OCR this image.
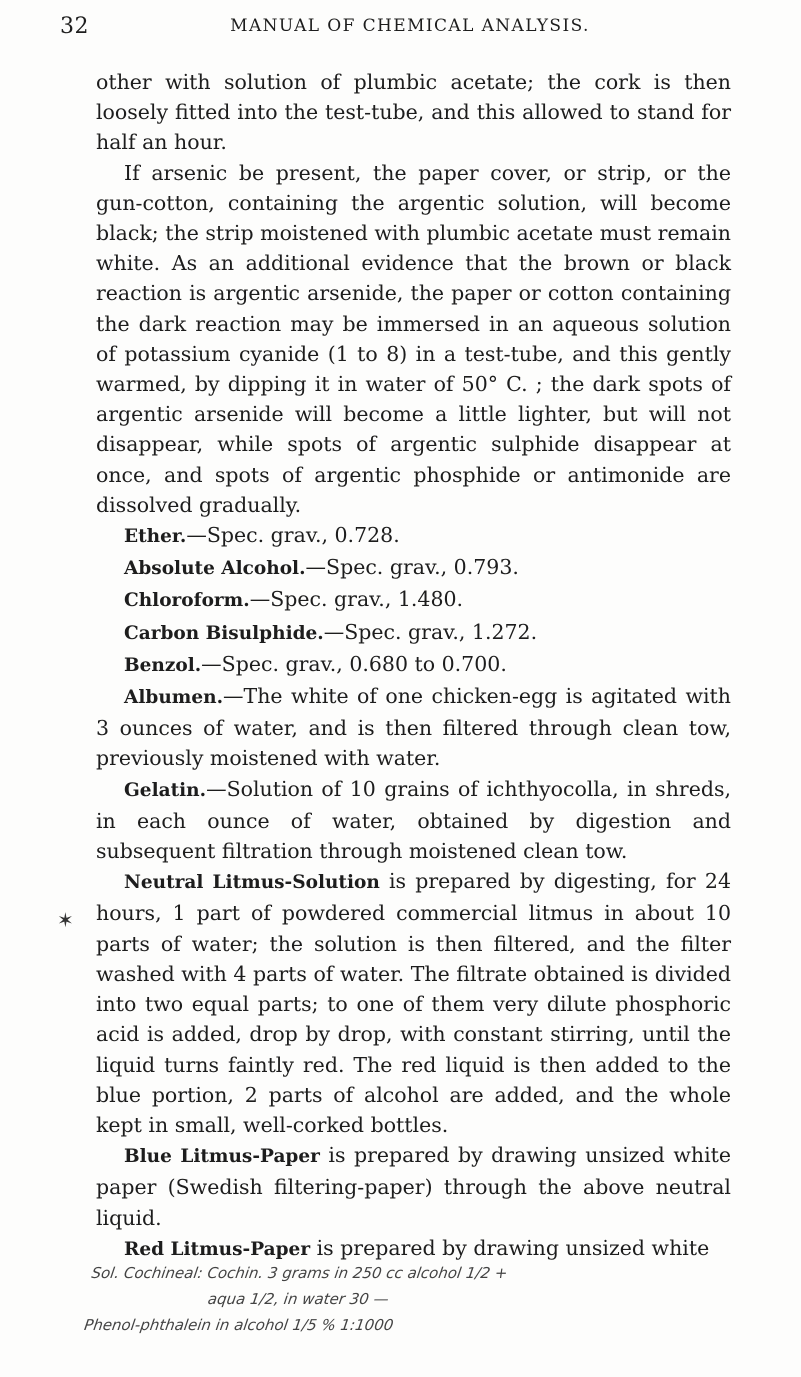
32	MANUAL OF CHEMICAL ANALYSIS.
✶

other with solution of plumbic acetate; the cork is then loosely fitted into the test-tube, and this allowed to stand for half an hour.

If arsenic be present, the paper cover, or strip, or the gun-cotton, containing the argentic solution, will become black; the strip moistened with plumbic acetate must remain white. As an additional evidence that the brown or black reaction is argentic arsenide, the paper or cotton containing the dark reaction may be immersed in an aqueous solution of potassium cyanide (1 to 8) in a test-tube, and this gently warmed, by dipping it in water of 50° C. ; the dark spots of argentic arsenide will become a little lighter, but will not disappear, while spots of argentic sulphide disappear at once, and spots of argentic phosphide or antimonide are dissolved gradually.

Ether.—Spec. grav., 0.728.

Absolute Alcohol.—Spec. grav., 0.793.

Chloroform.—Spec. grav., 1.480.

Carbon Bisulphide.—Spec. grav., 1.272.

Benzol.—Spec. grav., 0.680 to 0.700.

Albumen.—The white of one chicken-egg is agitated with 3 ounces of water, and is then filtered through clean tow, previously moistened with water.

Gelatin.—Solution of 10 grains of ichthyocolla, in shreds, in each ounce of water, obtained by digestion and subsequent filtration through moistened clean tow.

Neutral Litmus-Solution is prepared by digesting, for 24 hours, 1 part of powdered commercial litmus in about 10 parts of water; the solution is then filtered, and the filter washed with 4 parts of water. The filtrate obtained is divided into two equal parts; to one of them very dilute phosphoric acid is added, drop by drop, with constant stirring, until the liquid turns faintly red. The red liquid is then added to the blue portion, 2 parts of alcohol are added, and the whole kept in small, well-corked bottles.

Blue Litmus-Paper is prepared by drawing unsized white paper (Swedish filtering-paper) through the above neutral liquid.

Red Litmus-Paper is prepared by drawing unsized white

Sol. Cochineal: Cochin. 3 grams in 250 cc alcohol 1/2 +
aqua 1/2, in water 30 —
Phenol-phthalein in alcohol 1/5 % 1:1000
